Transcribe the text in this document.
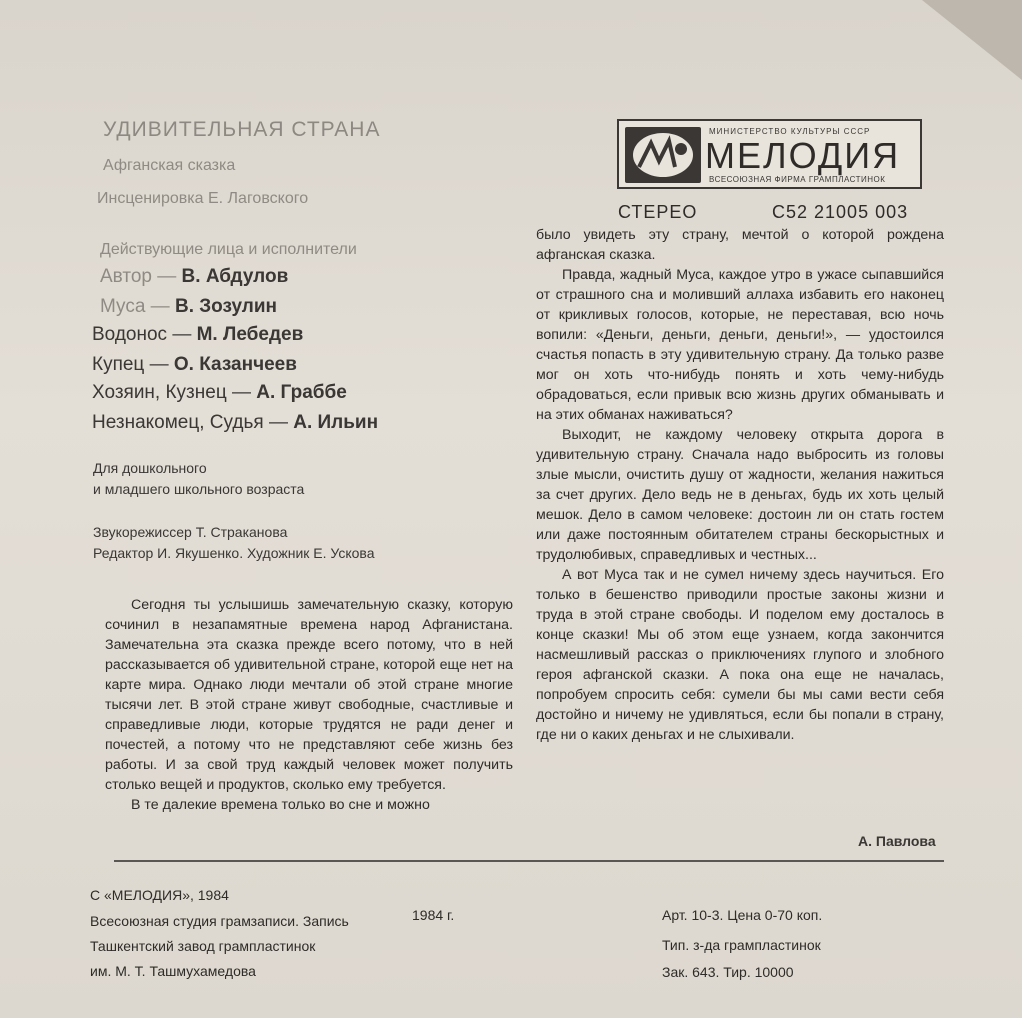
УДИВИТЕЛЬНАЯ СТРАНА
Афганская сказка
Инсценировка Е. Лаговского
Действующие лица и исполнители
Автор — В. Абдулов
Муса — В. Зозулин
Водонос — М. Лебедев
Купец — О. Казанчеев
Хозяин, Кузнец — А. Граббе
Незнакомец, Судья — А. Ильин
Для дошкольного
и младшего школьного возраста
Звукорежиссер Т. Страканова
Редактор И. Якушенко. Художник Е. Ускова

Сегодня ты услышишь замечательную сказку, которую сочинил в незапамятные времена народ Афганистана. Замечательна эта сказка прежде всего потому, что в ней рассказывается об удивительной стране, которой еще нет на карте мира. Однако люди мечтали об этой стране многие тысячи лет. В этой стране живут свободные, счастливые и справедливые люди, которые трудятся не ради денег и почестей, а потому что не представляют себе жизнь без работы. И за свой труд каждый человек может получить столько вещей и продуктов, сколько ему требуется.

В те далекие времена только во сне и можно

МИНИСТЕРСТВО КУЛЬТУРЫ СССР
МЕЛОДИЯ
ВСЕСОЮЗНАЯ ФИРМА ГРАМПЛАСТИНОК
СТЕРЕО	С52 21005 003

было увидеть эту страну, мечтой о которой рождена афганская сказка.

Правда, жадный Муса, каждое утро в ужасе сыпавшийся от страшного сна и моливший аллаха избавить его наконец от крикливых голосов, которые, не переставая, всю ночь вопили: «Деньги, деньги, деньги, деньги!», — удостоился счастья попасть в эту удивительную страну. Да только разве мог он хоть что-нибудь понять и хоть чему-нибудь обрадоваться, если привык всю жизнь других обманывать и на этих обманах наживаться?

Выходит, не каждому человеку открыта дорога в удивительную страну. Сначала надо выбросить из головы злые мысли, очистить душу от жадности, желания нажиться за счет других. Дело ведь не в деньгах, будь их хоть целый мешок. Дело в самом человеке: достоин ли он стать гостем или даже постоянным обитателем страны бескорыстных и трудолюбивых, справедливых и честных...

А вот Муса так и не сумел ничему здесь научиться. Его только в бешенство приводили простые законы жизни и труда в этой стране свободы. И поделом ему досталось в конце сказки! Мы об этом еще узнаем, когда закончится насмешливый рассказ о приключениях глупого и злобного героя афганской сказки. А пока она еще не началась, попробуем спросить себя: сумели бы мы сами вести себя достойно и ничему не удивляться, если бы попали в страну, где ни о каких деньгах и не слыхивали.

А. Павлова
С «МЕЛОДИЯ», 1984
Всесоюзная студия грамзаписи. Запись	1984 г.
Ташкентский завод грамплaстинок
им. М. Т. Ташмухамедова
Арт. 10-3. Цена 0-70 коп.
Тип. з-да грамплaстинок
Зак. 643. Тир. 10000
